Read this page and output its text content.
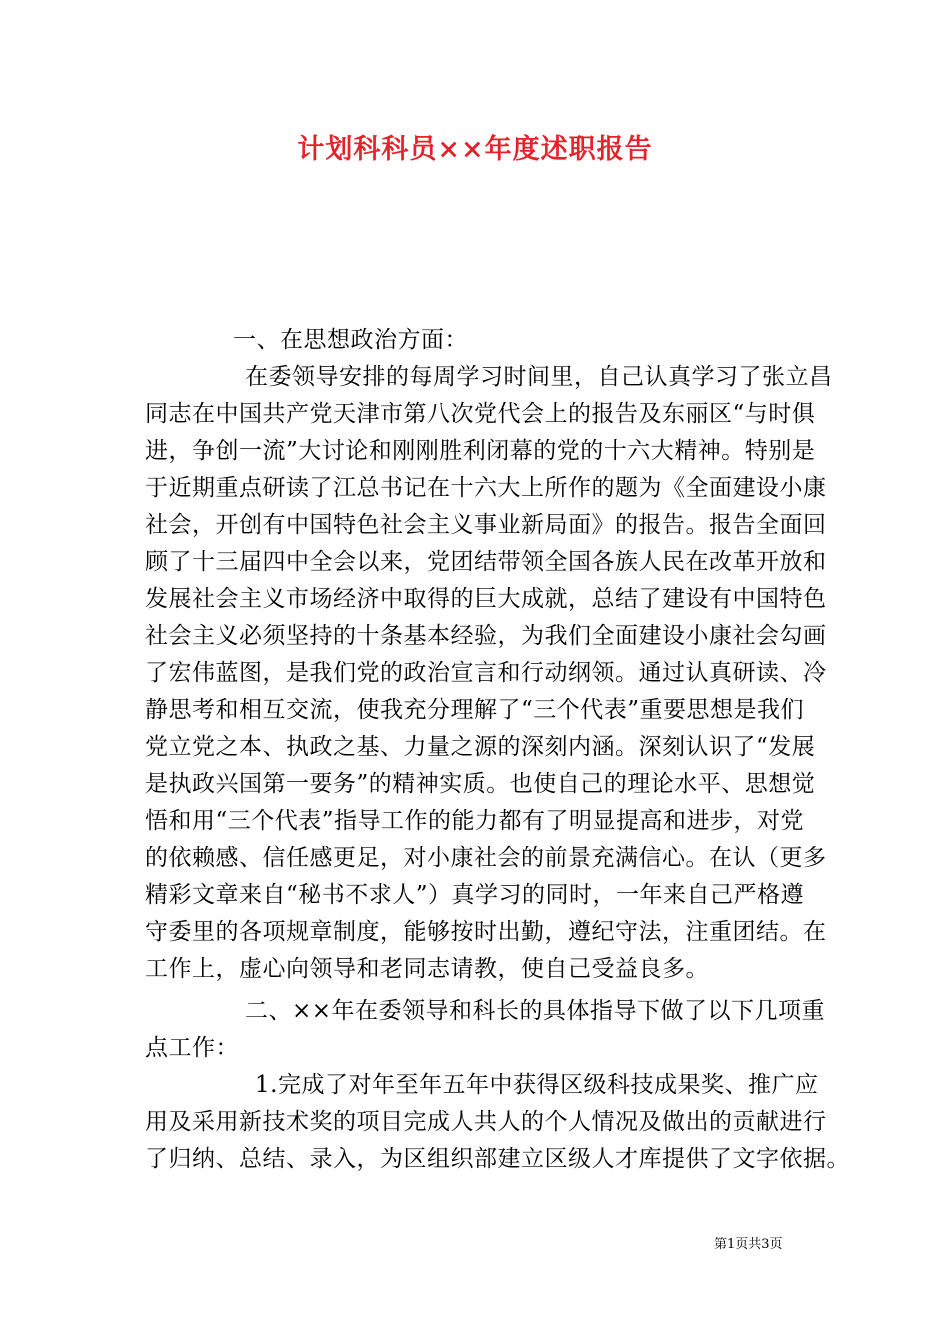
计划科科员××年度述职报告
一、在思想政治方面：
在委领导安排的每周学习时间里，自己认真学习了张立昌
同志在中国共产党天津市第八次党代会上的报告及东丽区“与时俱
进，争创一流”大讨论和刚刚胜利闭幕的党的十六大精神。特别是
于近期重点研读了江总书记在十六大上所作的题为《全面建设小康
社会，开创有中国特色社会主义事业新局面》的报告。报告全面回
顾了十三届四中全会以来，党团结带领全国各族人民在改革开放和
发展社会主义市场经济中取得的巨大成就，总结了建设有中国特色
社会主义必须坚持的十条基本经验，为我们全面建设小康社会勾画
了宏伟蓝图，是我们党的政治宣言和行动纲领。通过认真研读、冷
静思考和相互交流，使我充分理解了“三个代表”重要思想是我们
党立党之本、执政之基、力量之源的深刻内涵。深刻认识了“发展
是执政兴国第一要务”的精神实质。也使自己的理论水平、思想觉
悟和用“三个代表”指导工作的能力都有了明显提高和进步，对党
的依赖感、信任感更足，对小康社会的前景充满信心。在认（更多
精彩文章来自“秘书不求人”）真学习的同时，一年来自己严格遵
守委里的各项规章制度，能够按时出勤，遵纪守法，注重团结。在
工作上，虚心向领导和老同志请教，使自己受益良多。
二、××年在委领导和科长的具体指导下做了以下几项重
点工作：
1.完成了对年至年五年中获得区级科技成果奖、推广应
用及采用新技术奖的项目完成人共人的个人情况及做出的贡献进行
了归纳、总结、录入，为区组织部建立区级人才库提供了文字依据。
第1页共3页
